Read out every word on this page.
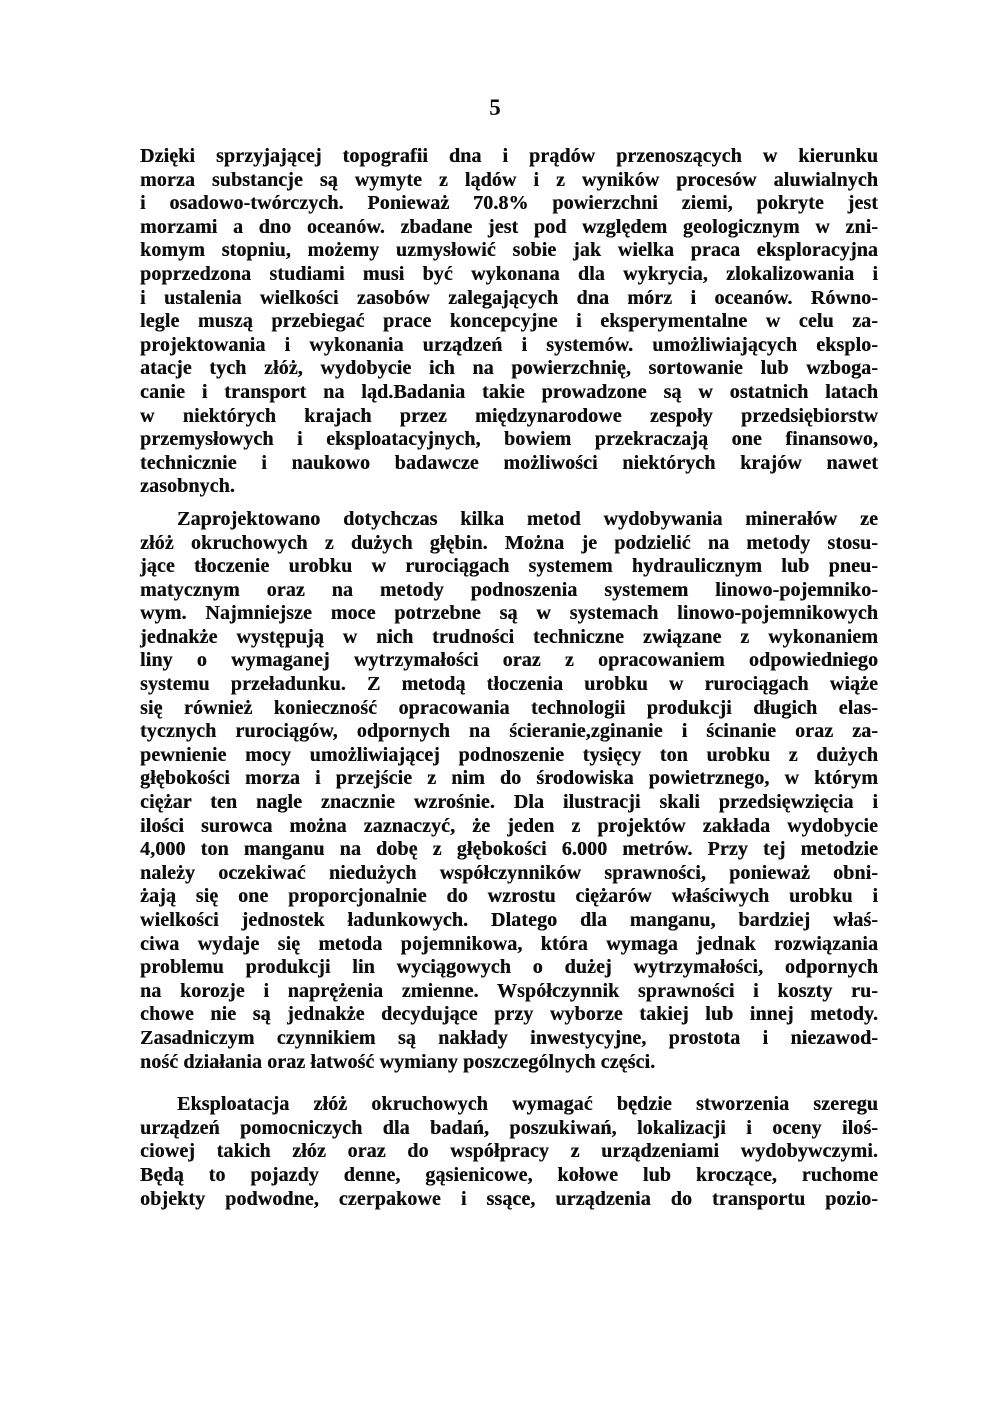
5
Dzięki sprzyjającej topografii dna i prądów przenoszących w kierunku
morza substancje są wymyte z lądów i z wyników procesów aluwialnych
i osadowo-twórczych. Ponieważ 70.8% powierzchni ziemi, pokryte jest
morzami a dno oceanów. zbadane jest pod względem geologicznym w zni-
komym stopniu, możemy uzmysłowić sobie jak wielka praca eksploracyjna
poprzedzona studiami musi być wykonana dla wykrycia, zlokalizowania i
i ustalenia wielkości zasobów zalegających dna mórz i oceanów. Równo-
legle muszą przebiegać prace koncepcyjne i eksperymentalne w celu za-
projektowania i wykonania urządzeń i systemów. umożliwiających eksplo-
atacje tych złóż, wydobycie ich na powierzchnię, sortowanie lub wzboga-
canie i transport na ląd.Badania takie prowadzone są w ostatnich latach
w niektórych krajach przez międzynarodowe zespoły przedsiębiorstw
przemysłowych i eksploatacyjnych, bowiem przekraczają one finansowo,
technicznie i naukowo badawcze możliwości niektórych krajów nawet
zasobnych.
Zaprojektowano dotychczas kilka metod wydobywania minerałów ze
złóż okruchowych z dużych głębin. Można je podzielić na metody stosu-
jące tłoczenie urobku w rurociągach systemem hydraulicznym lub pneu-
matycznym oraz na metody podnoszenia systemem linowo-pojemniko-
wym. Najmniejsze moce potrzebne są w systemach linowo-pojemnikowych
jednakże występują w nich trudności techniczne związane z wykonaniem
liny o wymaganej wytrzymałości oraz z opracowaniem odpowiedniego
systemu przeładunku. Z metodą tłoczenia urobku w rurociągach wiąże
się również konieczność opracowania technologii produkcji długich elas-
tycznych rurociągów, odpornych na ścieranie,zginanie i ścinanie oraz za-
pewnienie mocy umożliwiającej podnoszenie tysięcy ton urobku z dużych
głębokości morza i przejście z nim do środowiska powietrznego, w którym
ciężar ten nagle znacznie wzrośnie. Dla ilustracji skali przedsięwzięcia i
ilości surowca można zaznaczyć, że jeden z projektów zakłada wydobycie
4,000 ton manganu na dobę z głębokości 6.000 metrów. Przy tej metodzie
należy oczekiwać niedużych współczynników sprawności, ponieważ obni-
żają się one proporcjonalnie do wzrostu ciężarów właściwych urobku i
wielkości jednostek ładunkowych. Dlatego dla manganu, bardziej właś-
ciwa wydaje się metoda pojemnikowa, która wymaga jednak rozwiązania
problemu produkcji lin wyciągowych o dużej wytrzymałości, odpornych
na korozje i naprężenia zmienne. Współczynnik sprawności i koszty ru-
chowe nie są jednakże decydujące przy wyborze takiej lub innej metody.
Zasadniczym czynnikiem są nakłady inwestycyjne, prostota i niezawod-
ność działania oraz łatwość wymiany poszczególnych części.
Eksploatacja złóż okruchowych wymagać będzie stworzenia szeregu
urządzeń pomocniczych dla badań, poszukiwań, lokalizacji i oceny iloś-
ciowej takich złóz oraz do współpracy z urządzeniami wydobywczymi.
Będą to pojazdy denne, gąsienicowe, kołowe lub kroczące, ruchome
objekty podwodne, czerpakowe i ssące, urządzenia do transportu pozio-
